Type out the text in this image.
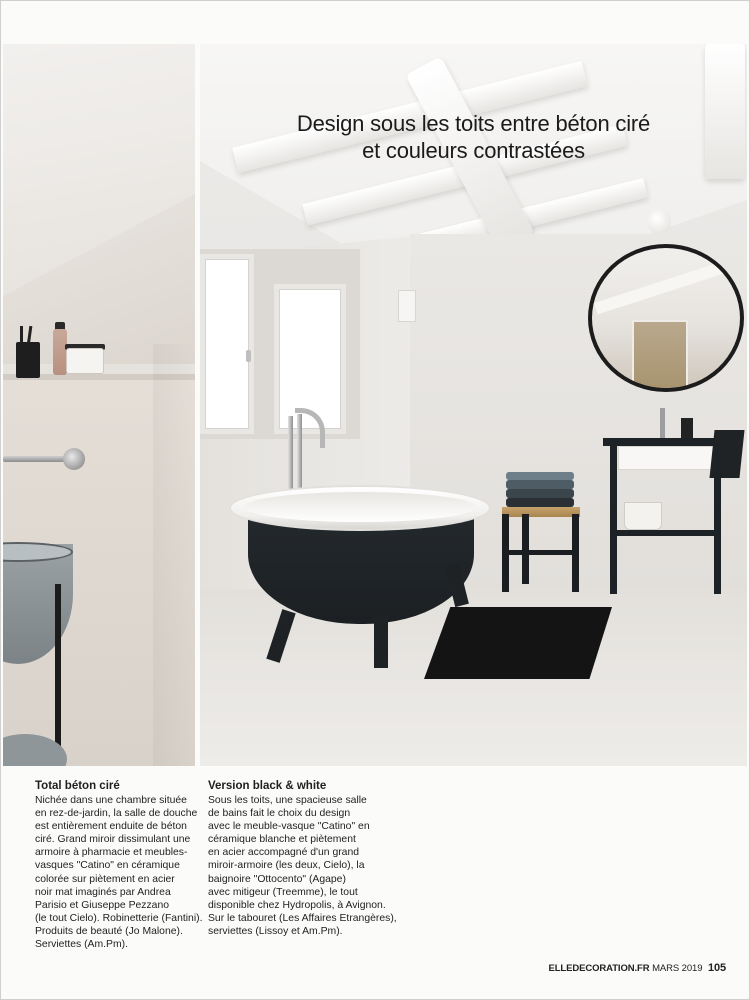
Design sous les toits entre béton ciré
et couleurs contrastées
Total béton ciré

Nichée dans une chambre située
en rez-de-jardin, la salle de douche
est entièrement enduite de béton
ciré. Grand miroir dissimulant une
armoire à pharmacie et meubles-
vasques "Catino" en céramique
colorée sur piètement en acier
noir mat imaginés par Andrea
Parisio et Giuseppe Pezzano
(le tout Cielo). Robinetterie (Fantini).
Produits de beauté (Jo Malone).
Serviettes (Am.Pm).

Version black & white

Sous les toits, une spacieuse salle
de bains fait le choix du design
avec le meuble-vasque "Catino" en
céramique blanche et piètement
en acier accompagné d'un grand
miroir-armoire (les deux, Cielo), la
baignoire "Ottocento" (Agape)
avec mitigeur (Treemme), le tout
disponible chez Hydropolis, à Avignon.
Sur le tabouret (Les Affaires Etrangères),
serviettes (Lissoy et Am.Pm).

ELLEDECORATION.FR MARS 2019 105
